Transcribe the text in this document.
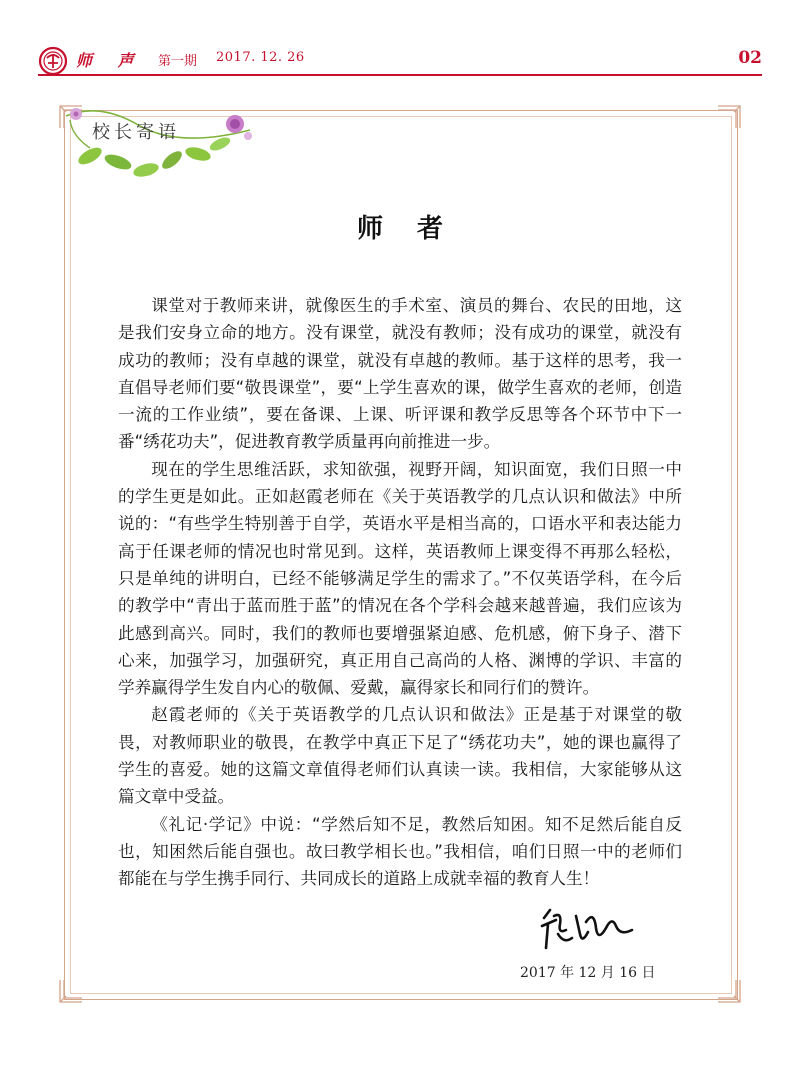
师 声 第一期 2017. 12. 26	02
校长寄语
师者

课堂对于教师来讲，就像医生的手术室、演员的舞台、农民的田地，这是我们安身立命的地方。没有课堂，就没有教师；没有成功的课堂，就没有成功的教师；没有卓越的课堂，就没有卓越的教师。基于这样的思考，我一直倡导老师们要“敬畏课堂”，要“上学生喜欢的课，做学生喜欢的老师，创造一流的工作业绩”，要在备课、上课、听评课和教学反思等各个环节中下一番“绣花功夫”，促进教育教学质量再向前推进一步。

现在的学生思维活跃，求知欲强，视野开阔，知识面宽，我们日照一中的学生更是如此。正如赵霞老师在《关于英语教学的几点认识和做法》中所说的：“有些学生特别善于自学，英语水平是相当高的，口语水平和表达能力高于任课老师的情况也时常见到。这样，英语教师上课变得不再那么轻松，只是单纯的讲明白，已经不能够满足学生的需求了。”不仅英语学科，在今后的教学中“青出于蓝而胜于蓝”的情况在各个学科会越来越普遍，我们应该为此感到高兴。同时，我们的教师也要增强紧迫感、危机感，俯下身子、潜下心来，加强学习，加强研究，真正用自己高尚的人格、渊博的学识、丰富的学养赢得学生发自内心的敬佩、爱戴，赢得家长和同行们的赞许。

赵霞老师的《关于英语教学的几点认识和做法》正是基于对课堂的敬畏，对教师职业的敬畏，在教学中真正下足了“绣花功夫”，她的课也赢得了学生的喜爱。她的这篇文章值得老师们认真读一读。我相信，大家能够从这篇文章中受益。

《礼记·学记》中说：“学然后知不足，教然后知困。知不足然后能自反也，知困然后能自强也。故曰教学相长也。”我相信，咱们日照一中的老师们都能在与学生携手同行、共同成长的道路上成就幸福的教育人生！

2017 年 12 月 16 日
